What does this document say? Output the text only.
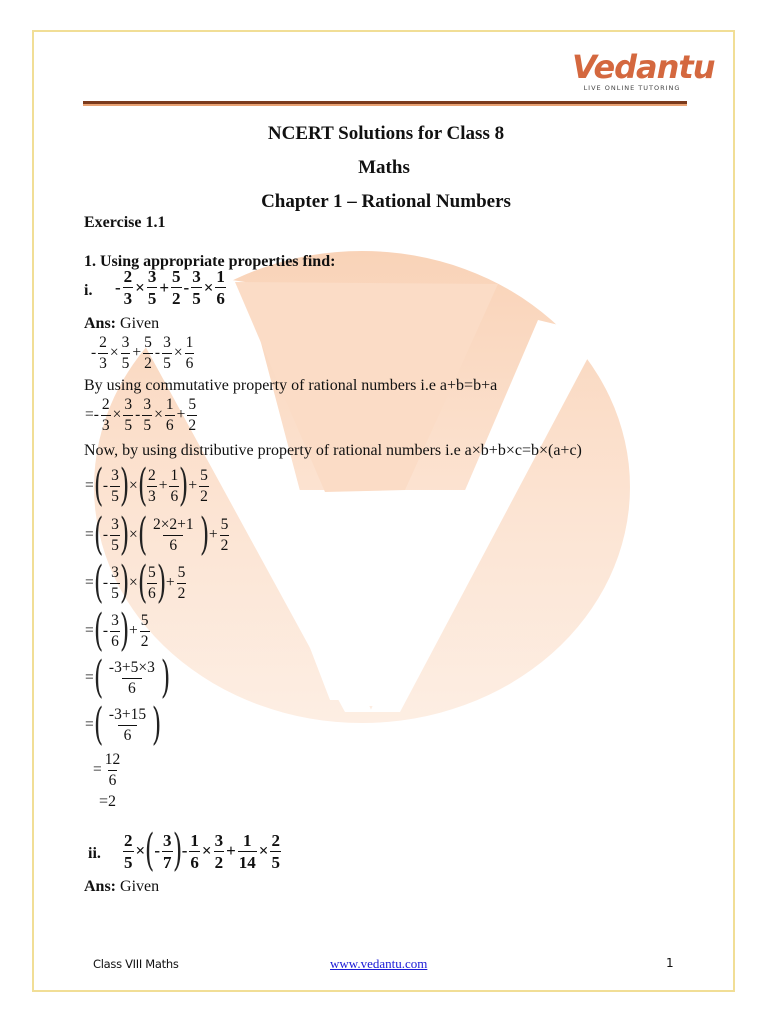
Vedantu
LIVE ONLINE TUTORING
NCERT Solutions for Class 8
Maths
Chapter 1 – Rational Numbers
Exercise 1.1
1. Using appropriate properties find:
i. - $\frac{2}{3} \times \frac{3}{5} + \frac{5}{2} - \frac{3}{5} \times \frac{1}{6}$
Ans: Given
- $\frac{2}{3} \times \frac{3}{5} + \frac{5}{2} - \frac{3}{5} \times \frac{1}{6}$
By using commutative property of rational numbers i.e a+b=b+a
=- $\frac{2}{3} \times \frac{3}{5} - \frac{3}{5} \times \frac{1}{6} + \frac{5}{2}$
Now, by using distributive property of rational numbers i.e a×b+b×c=b×(a+c)
= ( - $\frac{3}{5}$ ) × ( $\frac{2}{3} + \frac{1}{6}$ ) + $\frac{5}{2}$
= ( - $\frac{3}{5}$ ) × ( $\frac{2\times 2+1}{6}$ ) + $\frac{5}{2}$
= ( - $\frac{3}{5}$ ) × ( $\frac{5}{6}$ ) + $\frac{5}{2}$
= ( - $\frac{3}{6}$ ) + $\frac{5}{2}$
= ( $\frac{-3+5\times 3}{6}$ )
= ( $\frac{-3+15}{6}$ )
= $\frac{12}{6}$
=2
ii. $\frac{2}{5}$ × ( - $\frac{3}{7}$ ) - $\frac{1}{6} \times \frac{3}{2} + \frac{1}{14} \times \frac{2}{5}$
Ans: Given
Class VIII Maths	www.vedantu.com	1
